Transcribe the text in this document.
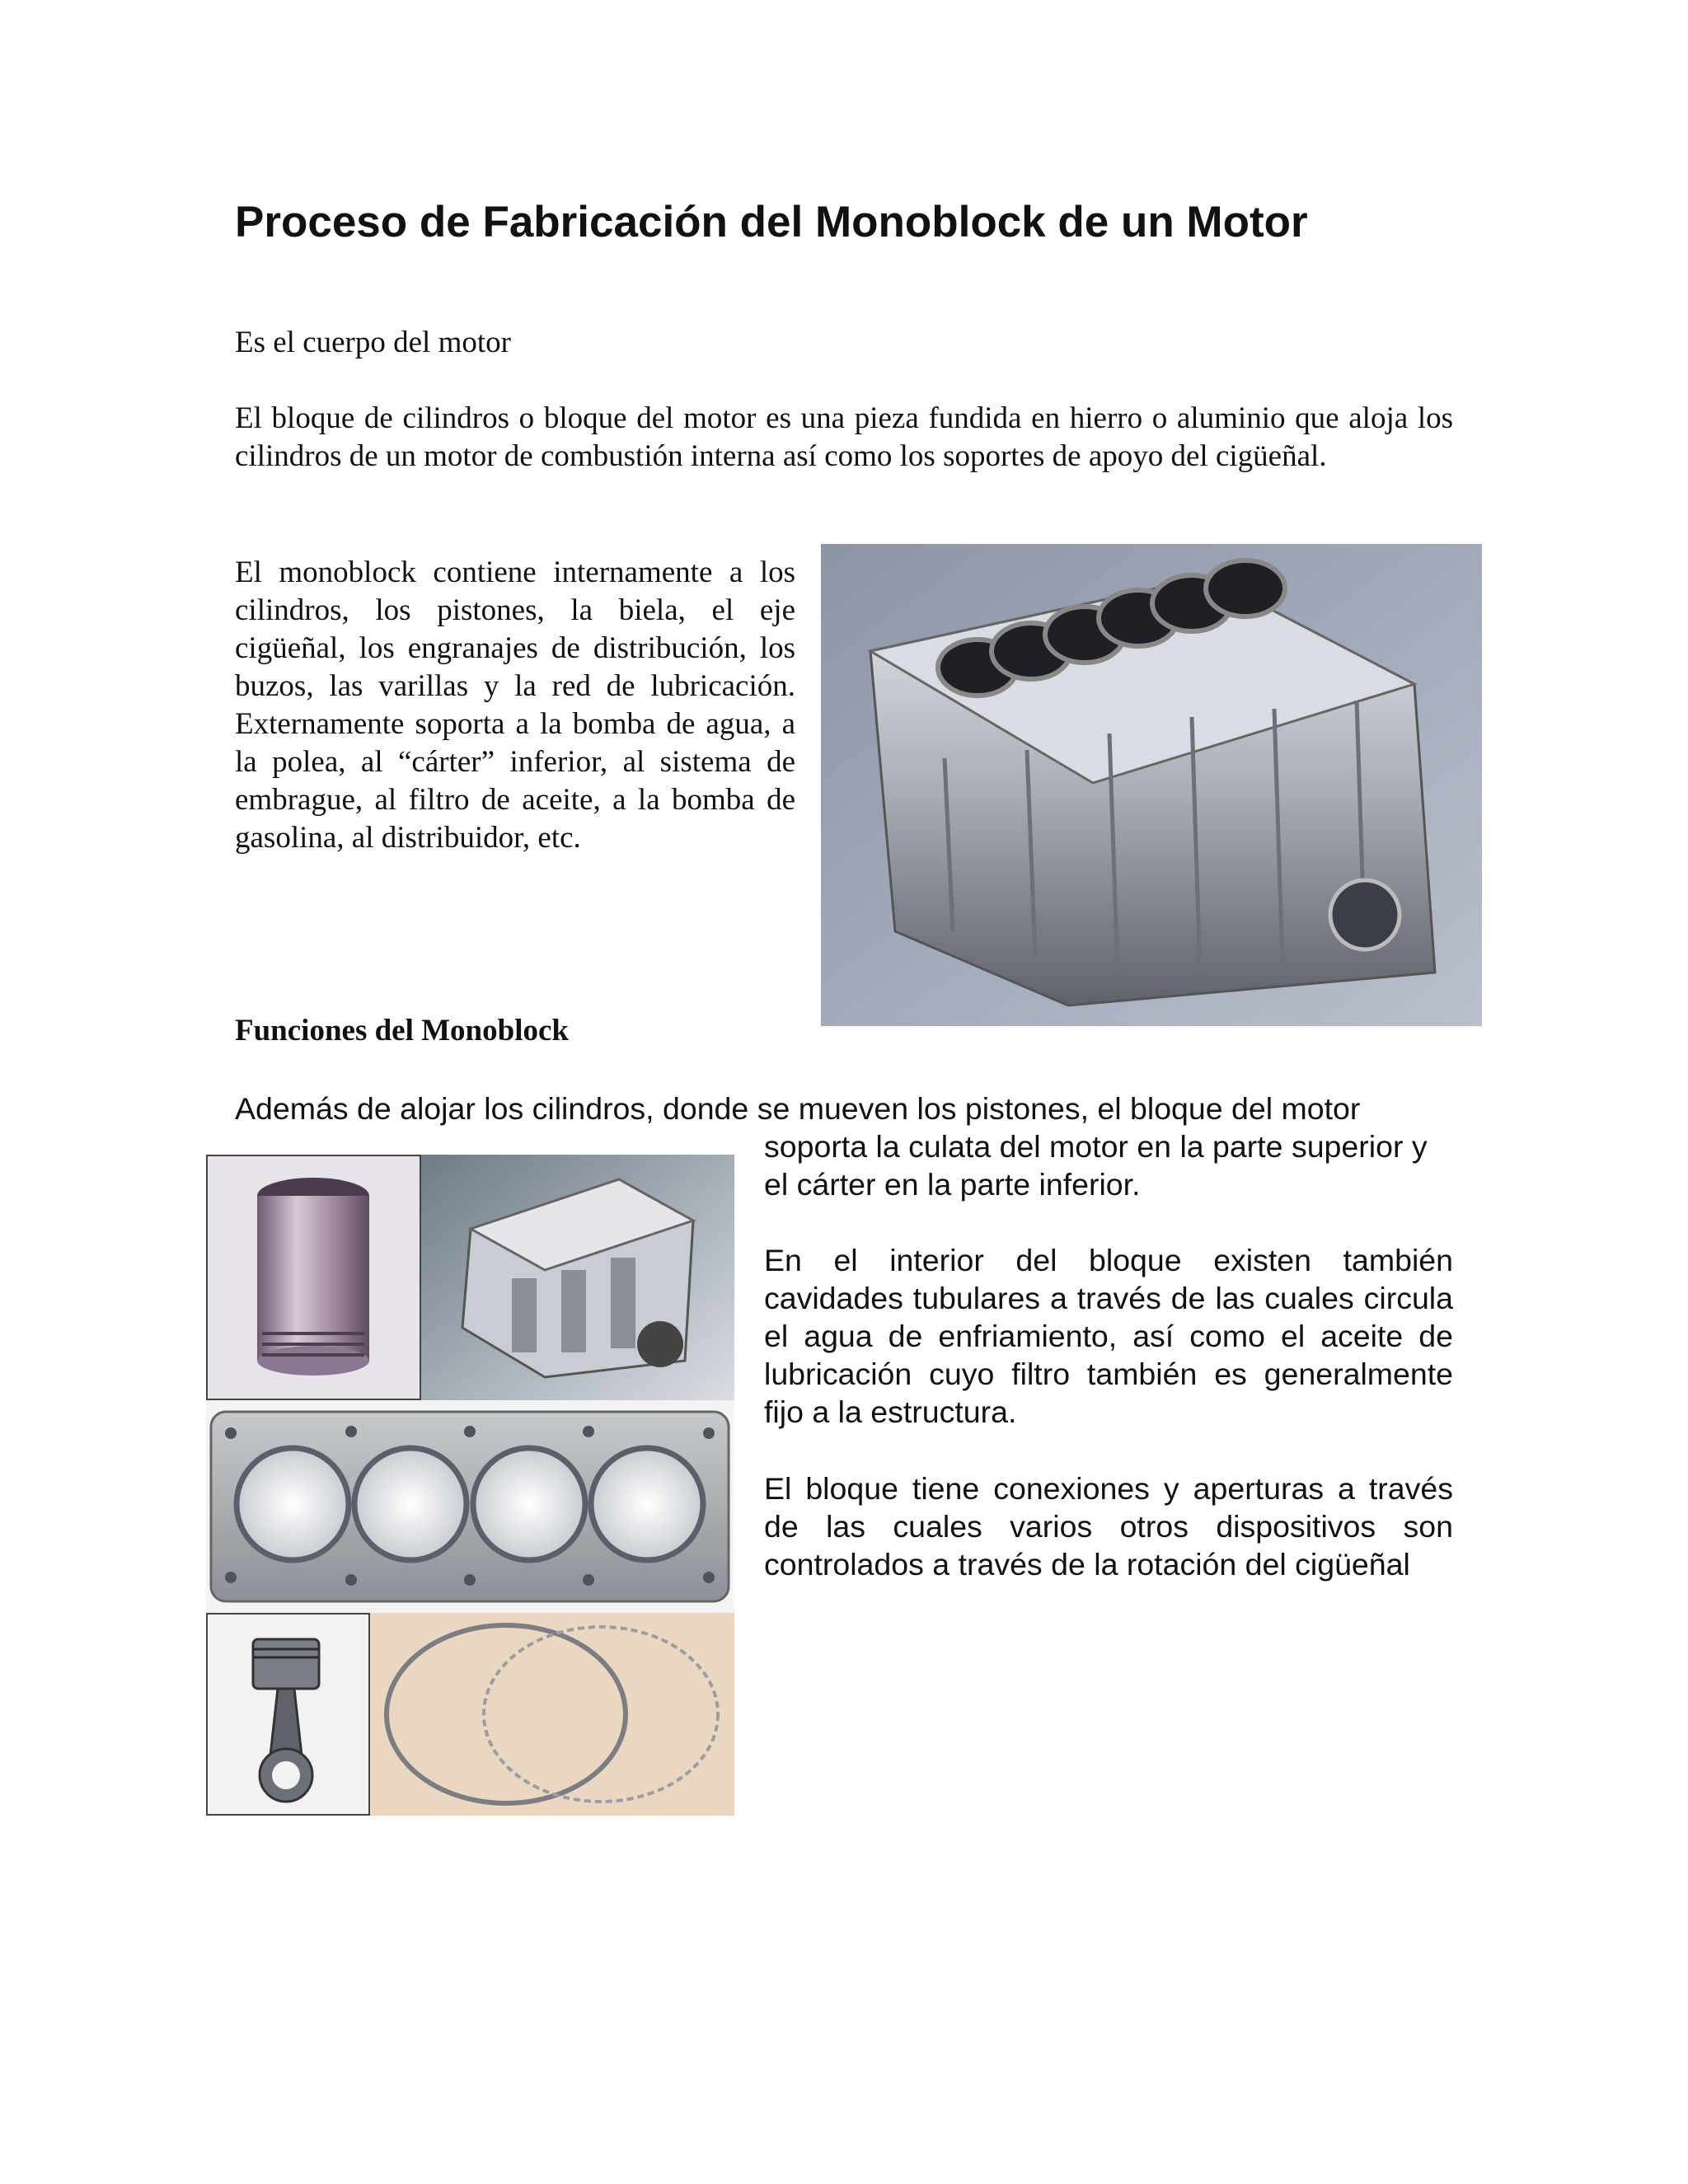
Proceso de Fabricación del Monoblock de un Motor

Es el cuerpo del motor

El bloque de cilindros o bloque del motor es una pieza fundida en hierro o aluminio que aloja los cilindros de un motor de combustión interna así como los soportes de apoyo del cigüeñal.

El monoblock contiene internamente a los cilindros, los pistones, la biela, el eje cigüeñal, los engranajes de distribución, los buzos, las varillas y la red de lubricación. Externamente soporta a la bomba de agua, a la polea, al “cárter” inferior, al sistema de embrague, al filtro de aceite, a la bomba de gasolina, al distribuidor, etc.

Funciones del Monoblock

Además de alojar los cilindros, donde se mueven los pistones, el bloque del motor

soporta la culata del motor en la parte superior y el cárter en la parte inferior.

En el interior del bloque existen también cavidades tubulares a través de las cuales circula el agua de enfriamiento, así como el aceite de lubricación cuyo filtro también es generalmente fijo a la estructura.

El bloque tiene conexiones y aperturas a través de las cuales varios otros dispositivos son controlados a través de la rotación del cigüeñal
